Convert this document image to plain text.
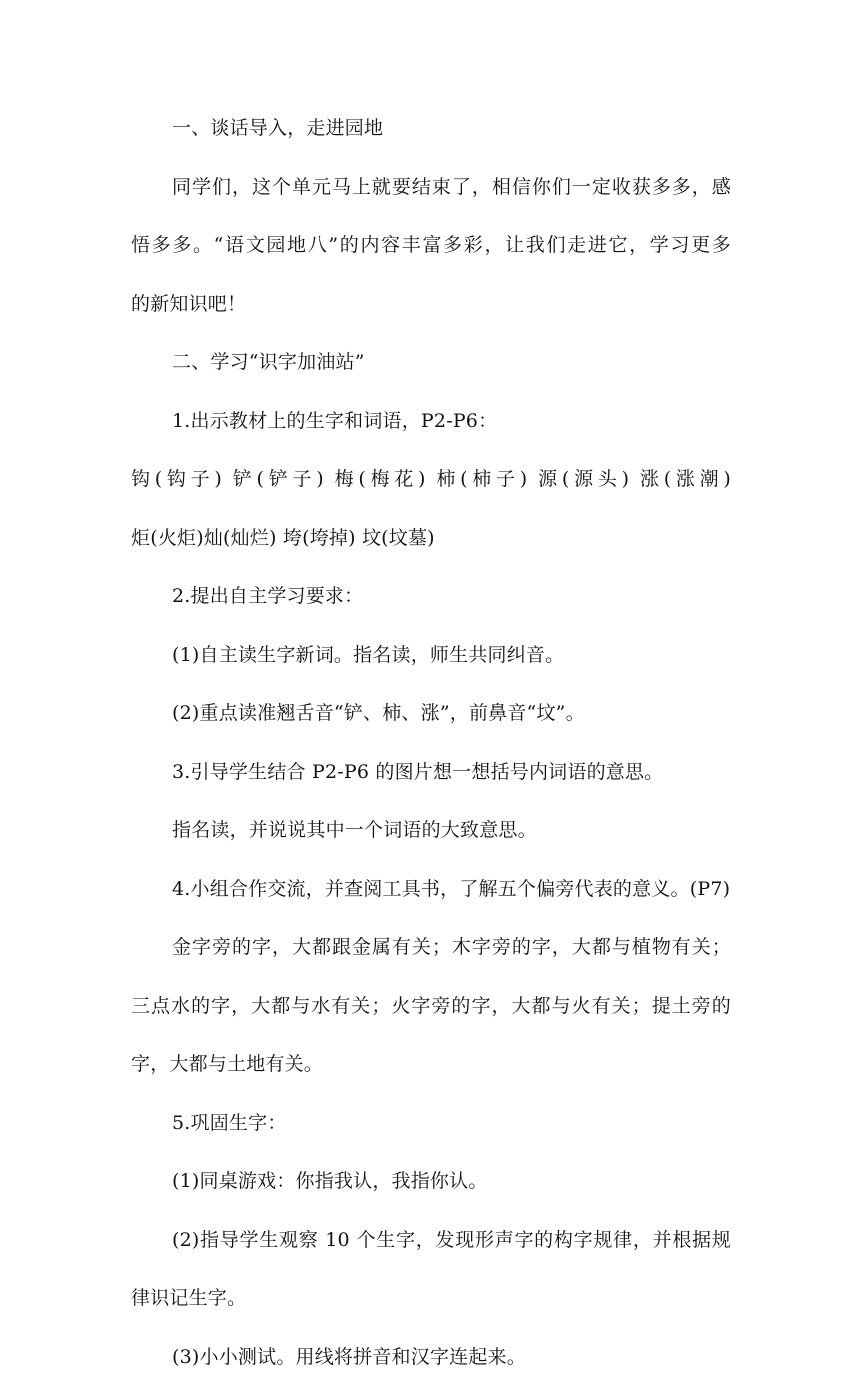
一、谈话导入，走进园地
同学们，这个单元马上就要结束了，相信你们一定收获多多，感
悟多多。“语文园地八”的内容丰富多彩，让我们走进它，学习更多
的新知识吧！
二、学习“识字加油站”
1.出示教材上的生字和词语，P2-P6：
钩(钩子) 铲(铲子) 梅(梅花) 柿(柿子) 源(源头) 涨(涨潮)
炬(火炬)灿(灿烂) 垮(垮掉) 坟(坟墓)
2.提出自主学习要求：
(1)自主读生字新词。指名读，师生共同纠音。
(2)重点读准翘舌音“铲、柿、涨”，前鼻音“坟”。
3.引导学生结合 P2-P6 的图片想一想括号内词语的意思。
指名读，并说说其中一个词语的大致意思。
4.小组合作交流，并查阅工具书，了解五个偏旁代表的意义。(P7)
金字旁的字，大都跟金属有关；木字旁的字，大都与植物有关；
三点水的字，大都与水有关；火字旁的字，大都与火有关；提土旁的
字，大都与土地有关。
5.巩固生字：
(1)同桌游戏：你指我认，我指你认。
(2)指导学生观察 10 个生字，发现形声字的构字规律，并根据规
律识记生字。
(3)小小测试。用线将拼音和汉字连起来。
